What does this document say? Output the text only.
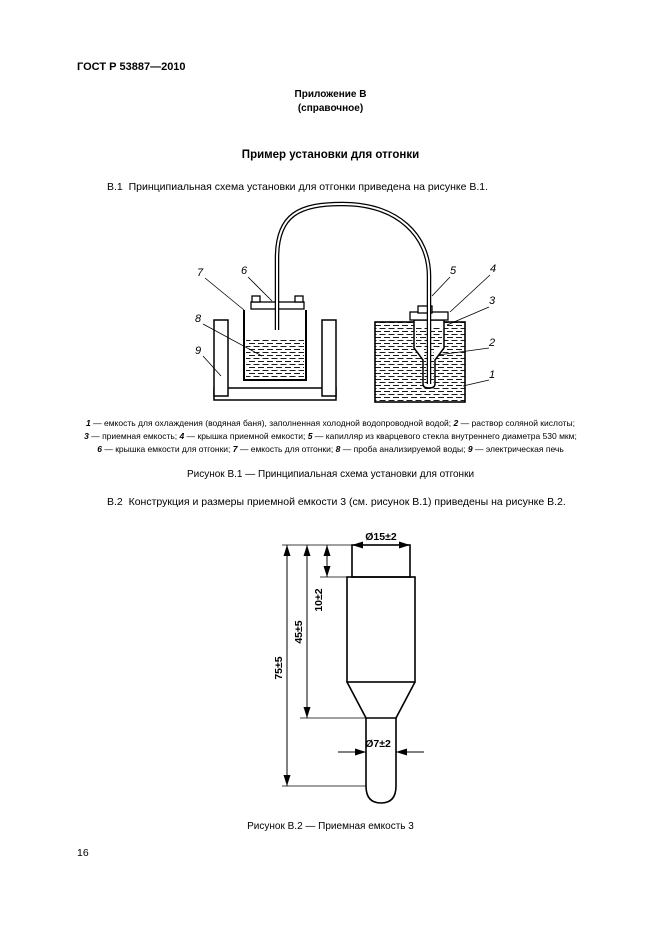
ГОСТ Р 53887—2010
Приложение В
(справочное)
Пример установки для отгонки
В.1  Принципиальная схема установки для отгонки приведена на рисунке В.1.
7	6
8
9
5	4
3
2
1
1 — емкость для охлаждения (водяная баня), заполненная холодной водопроводной водой; 2 — раствор соляной кислоты;
3 — приемная емкость; 4 — крышка приемной емкости; 5 — капилляр из кварцевого стекла внутреннего диаметра 530 мкм;
6 — крышка емкости для отгонки; 7 — емкость для отгонки; 8 — проба анализируемой воды; 9 — электрическая печь
Рисунок В.1 — Принципиальная схема установки для отгонки
В.2  Конструкция и размеры приемной емкости 3 (см. рисунок В.1) приведены на рисунке В.2.
Ø15±2
75±5
45±5
10±2
Ø7±2
Рисунок В.2 — Приемная емкость 3
16
